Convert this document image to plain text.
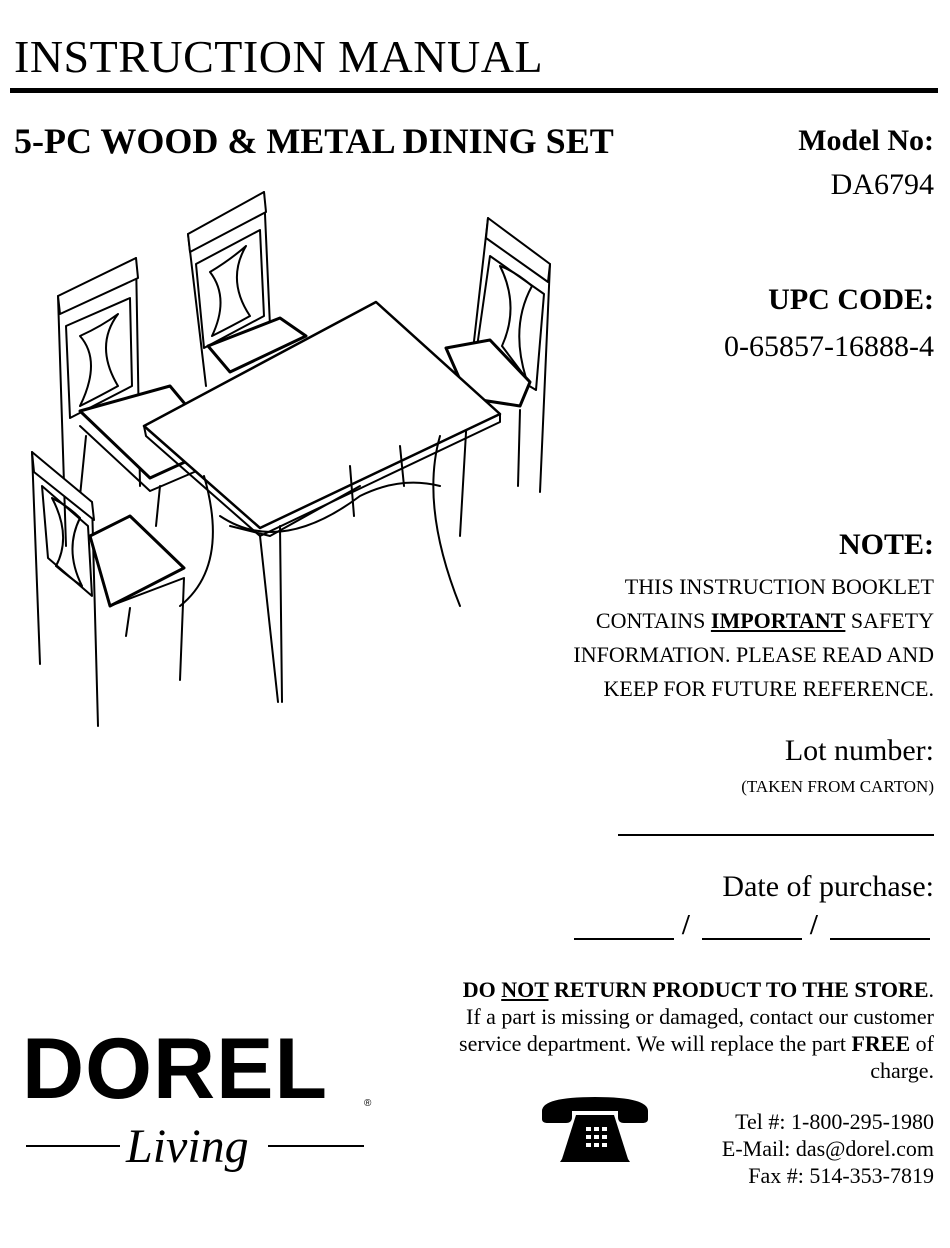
INSTRUCTION MANUAL
5-PC WOOD & METAL DINING SET	Model No:
DA6794
UPC CODE:
0-65857-16888-4
NOTE:
THIS INSTRUCTION BOOKLET
CONTAINS IMPORTANT SAFETY
INFORMATION. PLEASE READ AND
KEEP FOR FUTURE REFERENCE.
Lot number:
(TAKEN FROM CARTON)
Date of purchase:
/	/
DO NOT RETURN PRODUCT TO THE STORE.
If a part is missing or damaged, contact our customer
service department. We will replace the part FREE of
charge.
Tel #: 1-800-295-1980
E-Mail: das@dorel.com
Fax #: 514-353-7819
DOREL	®
Living
